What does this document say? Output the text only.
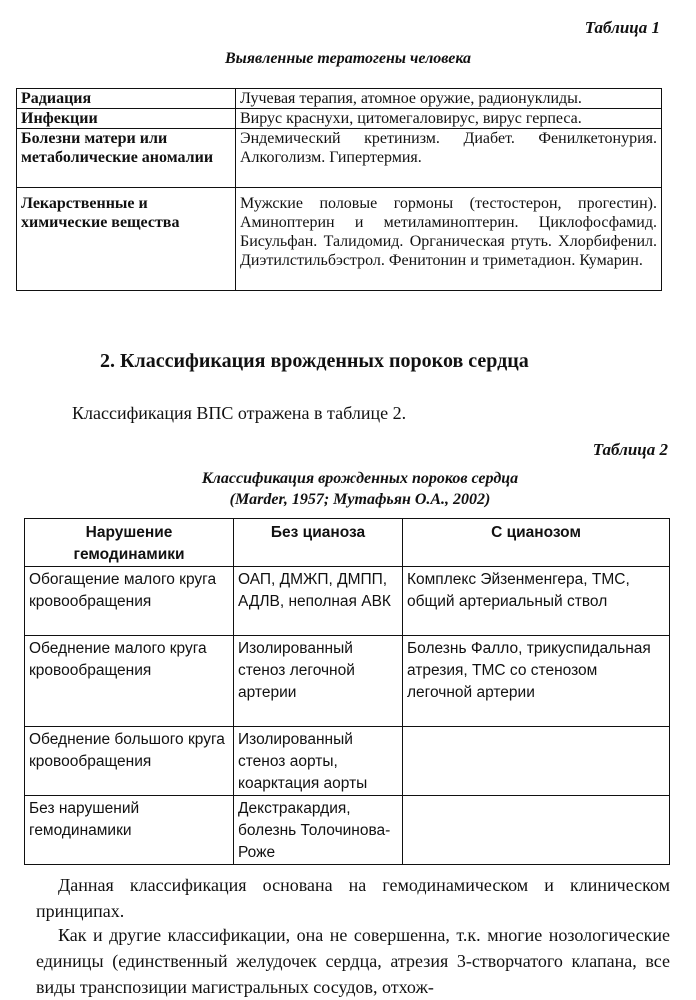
Таблица 1
Выявленные тератогены человека
Радиация	Лучевая терапия, атомное оружие, радионуклиды.
Инфекции	Вирус краснухи, цитомегаловирус, вирус герпеса.
Болезни матери или метаболические аномалии	Эндемический кретинизм. Диабет. Фенилкетонурия. Алкоголизм. Гипертермия.
Лекарственные и химические вещества	Мужские половые гормоны (тестостерон, прогестин). Аминоптерин и метиламиноптерин. Циклофосфамид. Бисульфан. Талидомид. Органическая ртуть. Хлорбифенил. Диэтилстильбэстрол. Фенитонин и триметадион. Кумарин.
2. Классификация врожденных пороков сердца
Классификация ВПС отражена в таблице 2.
Таблица 2
Классификация врожденных пороков сердца
(Marder, 1957; Мутафьян О.А., 2002)
Нарушение гемодинамики	Без цианоза	С цианозом
Обогащение малого круга кровообращения	ОАП, ДМЖП, ДМПП, АДЛВ, неполная АВК	Комплекс Эйзенменгера, ТМС, общий артериальный ствол
Обеднение малого круга кровообращения	Изолированный стеноз легочной артерии	Болезнь Фалло, трикуспидальная атрезия, ТМС со стенозом легочной артерии
Обеднение большого круга кровообращения	Изолированный стеноз аорты, коарктация аорты	
Без нарушений гемодинамики	Декстракардия, болезнь Толочинова-Роже	
Данная классификация основана на гемодинамическом и клиническом принципах.
Как и другие классификации, она не совершенна, т.к. многие нозологические единицы (единственный желудочек сердца, атрезия 3-створчатого клапана, все виды транспозиции магистральных сосудов, отхож-
